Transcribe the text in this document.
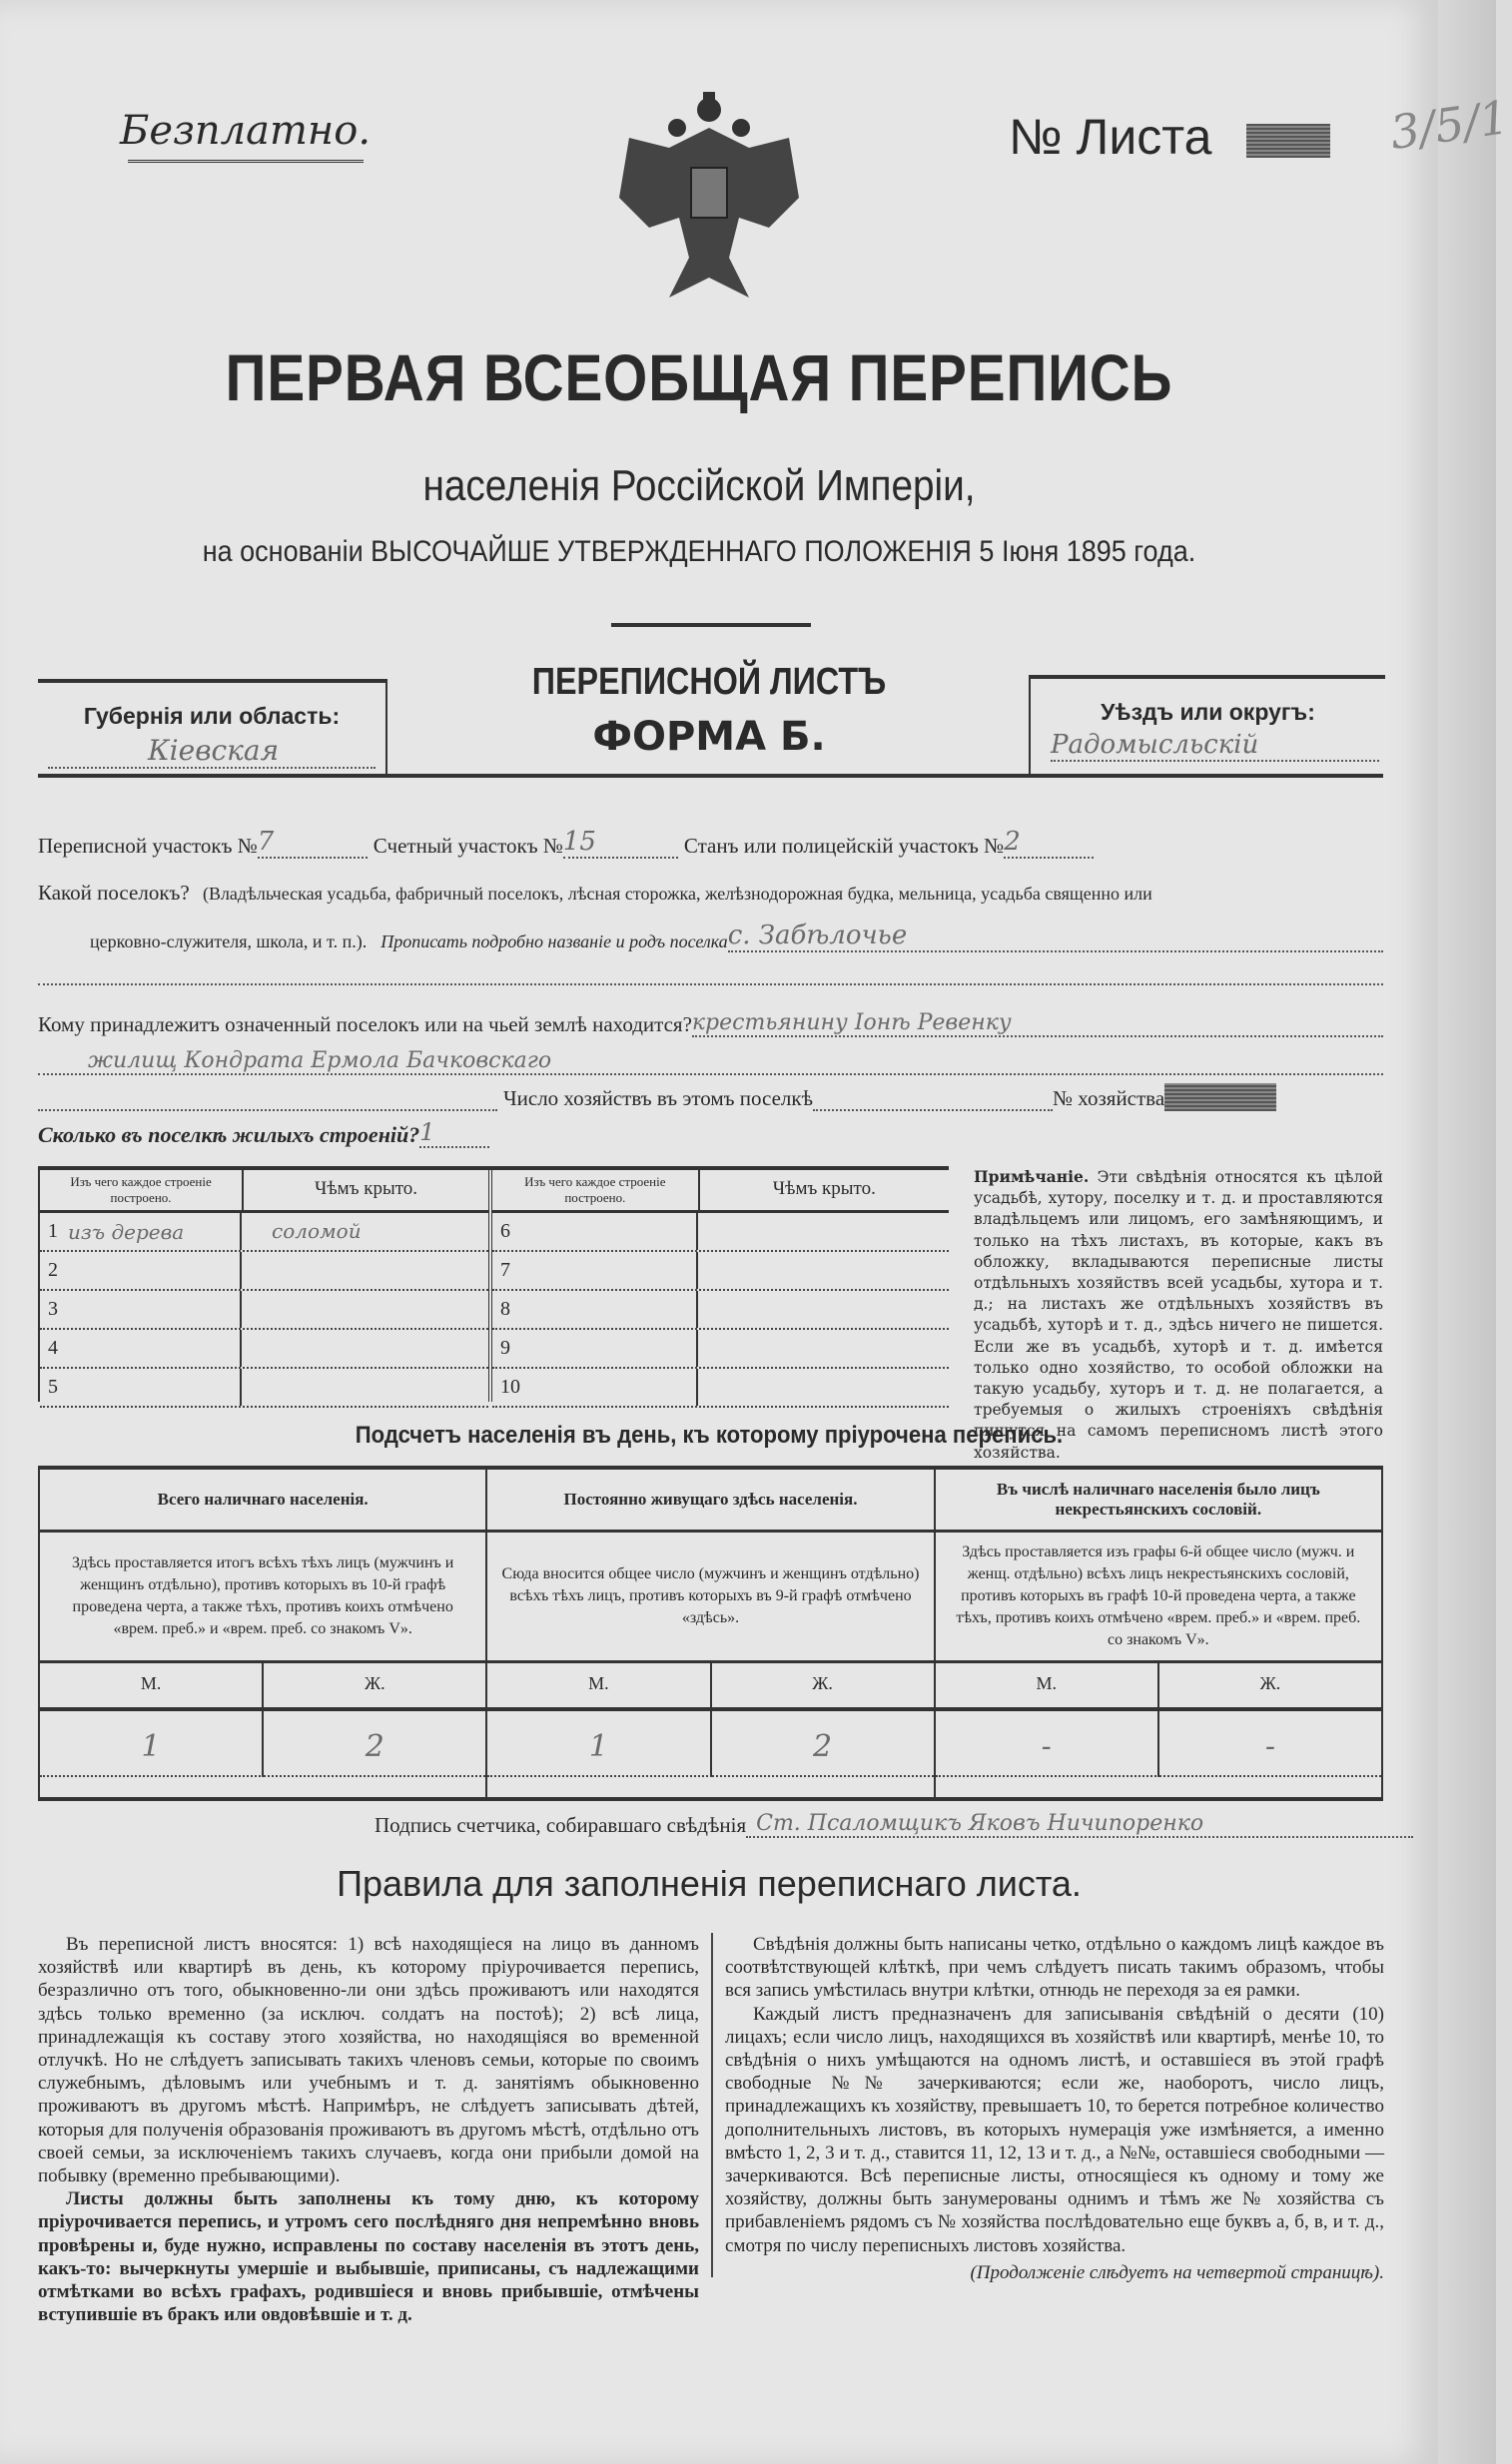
Безплатно.	№ Листа	3/5/1
ПЕРВАЯ ВСЕОБЩАЯ ПЕРЕПИСЬ
населенія Россійской Имперіи,
на основаніи ВЫСОЧАЙШЕ УТВЕРЖДЕННАГО ПОЛОЖЕНІЯ 5 Іюня 1895 года.
Губернія или область:
Кіевская
ПЕРЕПИСНОЙ ЛИСТЪ
ФОРМА Б.
Уѣздъ или округъ:
Радомысльскій
Переписной участокъ № 7	Счетный участокъ № 15	Станъ или полицейскій участокъ № 2
Какой поселокъ? (Владѣльческая усадьба, фабричный поселокъ, лѣсная сторожка, желѣзнодорожная будка, мельница, усадьба священно или
церковно-служителя, школа, и т. п.). Прописать подробно названіе и родъ поселка с. Забѣлочье
Кому принадлежитъ означенный поселокъ или на чьей землѣ находится? крестьянину Іонѣ Ревенку
жилищ Кондрата Ермола Бачковскаго
Число хозяйствъ въ этомъ поселкѣ	№ хозяйства
Сколько въ поселкѣ жилыхъ строеній? 1
Изъ чего каждое строеніе построено.	Чѣмъ крыто.
1 изъ дерева	соломой
2
3
4
5
Изъ чего каждое строеніе построено.	Чѣмъ крыто.
6
7
8
9
10
Примѣчаніе. Эти свѣдѣнія относятся къ цѣлой усадьбѣ, хутору, поселку и т. д. и проставляются владѣльцемъ или лицомъ, его замѣняющимъ, и только на тѣхъ листахъ, въ которые, какъ въ обложку, вкладываются переписные листы отдѣльныхъ хозяйствъ всей усадьбы, хутора и т. д.; на листахъ же отдѣльныхъ хозяйствъ въ усадьбѣ, хуторѣ и т. д., здѣсь ничего не пишется. Если же въ усадьбѣ, хуторѣ и т. д. имѣется только одно хозяйство, то особой обложки на такую усадьбу, хуторъ и т. д. не полагается, а требуемыя о жилыхъ строеніяхъ свѣдѣнія пишутся на самомъ переписномъ листѣ этого хозяйства.
Подсчетъ населенія въ день, къ которому пріурочена перепись.
Всего наличнаго населенія.
Здѣсь проставляется итогъ всѣхъ тѣхъ лицъ (мужчинъ и женщинъ отдѣльно), противъ которыхъ въ 10-й графѣ проведена черта, а также тѣхъ, противъ коихъ отмѣчено «врем. преб.» и «врем. преб. со знакомъ V».
М.	Ж.
1	2
Постоянно живущаго здѣсь населенія.
Сюда вносится общее число (мужчинъ и женщинъ отдѣльно) всѣхъ тѣхъ лицъ, противъ которыхъ въ 9-й графѣ отмѣчено «здѣсь».
М.	Ж.
1	2
Въ числѣ наличнаго населенія было лицъ некрестьянскихъ сословій.
Здѣсь проставляется изъ графы 6-й общее число (мужч. и женщ. отдѣльно) всѣхъ лицъ некрестьянскихъ сословій, противъ которыхъ въ графѣ 10-й проведена черта, а также тѣхъ, противъ коихъ отмѣчено «врем. преб.» и «врем. преб. со знакомъ V».
М.	Ж.
-	-
Подпись счетчика, собиравшаго свѣдѣнія Ст. Псаломщикъ Яковъ Ничипоренко
Правила для заполненія переписнаго листа.

Въ переписной листъ вносятся: 1) всѣ находящіеся на лицо въ данномъ хозяйствѣ или квартирѣ въ день, къ которому пріурочивается перепись, безразлично отъ того, обыкновенно-ли они здѣсь проживаютъ или находятся здѣсь только временно (за исключ. солдатъ на постоѣ); 2) всѣ лица, принадлежащія къ составу этого хозяйства, но находящіяся во временной отлучкѣ. Но не слѣдуетъ записывать такихъ членовъ семьи, которые по своимъ служебнымъ, дѣловымъ или учебнымъ и т. д. занятіямъ обыкновенно проживаютъ въ другомъ мѣстѣ. Напримѣръ, не слѣдуетъ записывать дѣтей, которыя для полученія образованія проживаютъ въ другомъ мѣстѣ, отдѣльно отъ своей семьи, за исключеніемъ такихъ случаевъ, когда они прибыли домой на побывку (временно пребывающими).

Листы должны быть заполнены къ тому дню, къ которому пріурочивается перепись, и утромъ сего послѣдняго дня непремѣнно вновь провѣрены и, буде нужно, исправлены по составу населенія въ этотъ день, какъ-то: вычеркнуты умершіе и выбывшіе, приписаны, съ надлежащими отмѣтками во всѣхъ графахъ, родившіеся и вновь прибывшіе, отмѣчены вступившіе въ бракъ или овдовѣвшіе и т. д.

Свѣдѣнія должны быть написаны четко, отдѣльно о каждомъ лицѣ каждое въ соотвѣтствующей клѣткѣ, при чемъ слѣдуетъ писать такимъ образомъ, чтобы вся запись умѣстилась внутри клѣтки, отнюдь не переходя за ея рамки.

Каждый листъ предназначенъ для записыванія свѣдѣній о десяти (10) лицахъ; если число лицъ, находящихся въ хозяйствѣ или квартирѣ, менѣе 10, то свѣдѣнія о нихъ умѣщаются на одномъ листѣ, и оставшіеся въ этой графѣ свободные №№ зачеркиваются; если же, наоборотъ, число лицъ, принадлежащихъ къ хозяйству, превышаетъ 10, то берется потребное количество дополнительныхъ листовъ, въ которыхъ нумерація уже измѣняется, а именно вмѣсто 1, 2, 3 и т. д., ставится 11, 12, 13 и т. д., а №№, оставшіеся свободными — зачеркиваются. Всѣ переписные листы, относящіеся къ одному и тому же хозяйству, должны быть занумерованы однимъ и тѣмъ же № хозяйства съ прибавленіемъ рядомъ съ № хозяйства послѣдовательно еще буквъ а, б, в, и т. д., смотря по числу переписныхъ листовъ хозяйства.

(Продолженіе слѣдуетъ на четвертой страницѣ).
